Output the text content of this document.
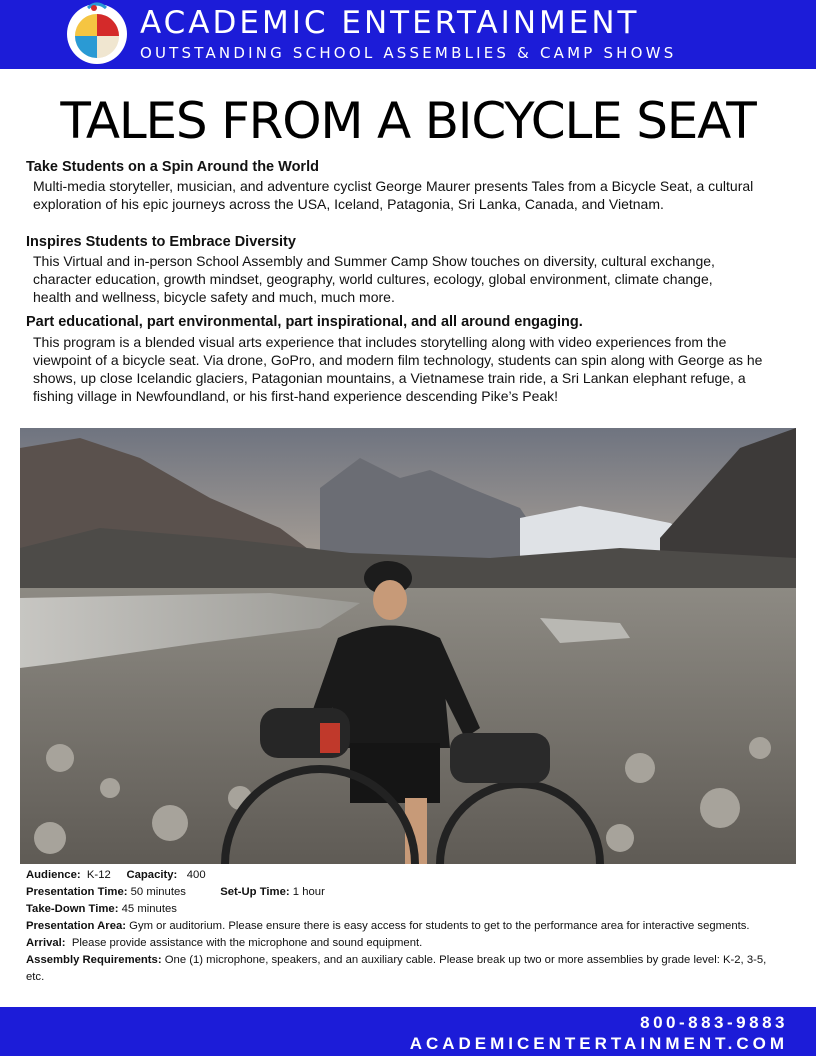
ACADEMIC ENTERTAINMENT
OUTSTANDING SCHOOL ASSEMBLIES & CAMP SHOWS
TALES FROM A BICYCLE SEAT
Take Students on a Spin Around the World
Multi-media storyteller, musician, and adventure cyclist George Maurer presents Tales from a Bicycle Seat, a cultural exploration of his epic journeys across the USA, Iceland, Patagonia, Sri Lanka, Canada, and Vietnam.
Inspires Students to Embrace Diversity
This Virtual and in-person School Assembly and Summer Camp Show touches on diversity, cultural exchange, character education, growth mindset, geography, world cultures, ecology, global environment, climate change, health and wellness, bicycle safety and much, much more.
Part educational, part environmental, part inspirational, and all around engaging.
This program is a blended visual arts experience that includes storytelling along with video experiences from the viewpoint of a bicycle seat. Via drone, GoPro, and modern film technology, students can spin along with George as he shows, up close Icelandic glaciers, Patagonian mountains, a Vietnamese train ride, a Sri Lankan elephant refuge, a fishing village in Newfoundland, or his first-hand experience descending Pike’s Peak!
Audience: K-12 Capacity: 400
Presentation Time: 50 minutes	Set-Up Time: 1 hour
Take-Down Time: 45 minutes
Presentation Area: Gym or auditorium. Please ensure there is easy access for students to get to the performance area for interactive segments.
Arrival: Please provide assistance with the microphone and sound equipment.
Assembly Requirements: One (1) microphone, speakers, and an auxiliary cable. Please break up two or more assemblies by grade level: K-2, 3-5, etc.
800-883-9883
ACADEMICENTERTAINMENT.COM
